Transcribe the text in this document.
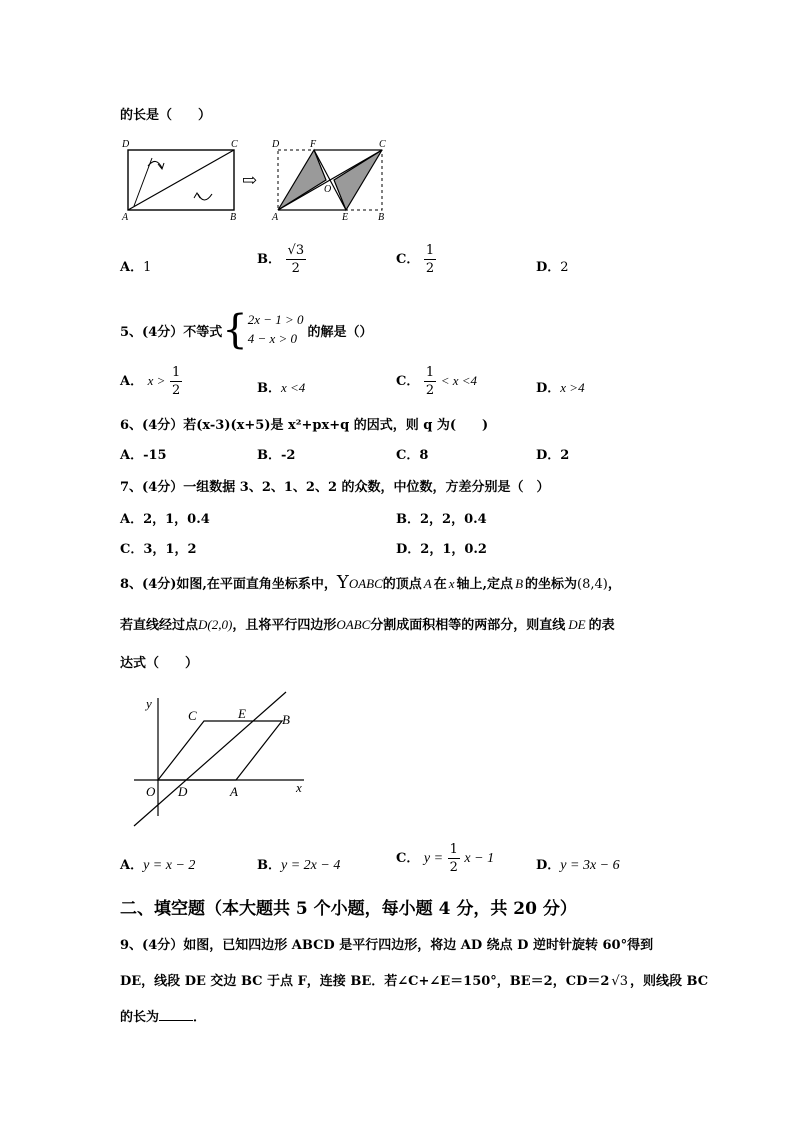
的长是（　　）
D	C
A	B
⇨
D	F	C
O
A	E	B
A．1
B． $\frac{√3}{2}$	C． $\frac{1}{2}$	D．2
5、(4分）不等式 { 2x − 1 > 0
4 − x > 0 的解是（）
A． $x > \frac{1}{2}$	B．x <4	C． $\frac{1}{2} < x <4$
D．x >4
6、(4分）若(x-3)(x+5)是 x²+px+q 的因式，则 q 为(　　)
A．-15	B．-2	C．8	D．2
7、(4分）一组数据 3、2、1、2、2 的众数，中位数，方差分别是（　）
A．2，1，0.4	B．2，2，0.4
C．3，1，2	D．2，1，0.2
8、(4分)如图,在平面直角坐标系中，YOABC的顶点 A 在 x 轴上,定点 B 的坐标为(8,4)，
若直线经过点D(2,0)，且将平行四边形OABC分割成面积相等的两部分，则直线 DE 的表
达式（　　）
y
C	E	B
O D	A	x
A．y = x − 2	B．y = 2x − 4	C． $y = \frac{1}{2}$ x − 1	D．y = 3x − 6
二、填空题（本大题共 5 个小题，每小题 4 分，共 20 分）
9、(4分）如图，已知四边形 ABCD 是平行四边形，将边 AD 绕点 D 逆时针旋转 60°得到
DE，线段 DE 交边 BC 于点 F，连接 BE．若∠C+∠E＝150°，BE＝2，CD＝2 √3 ，则线段 BC
的长为	．
